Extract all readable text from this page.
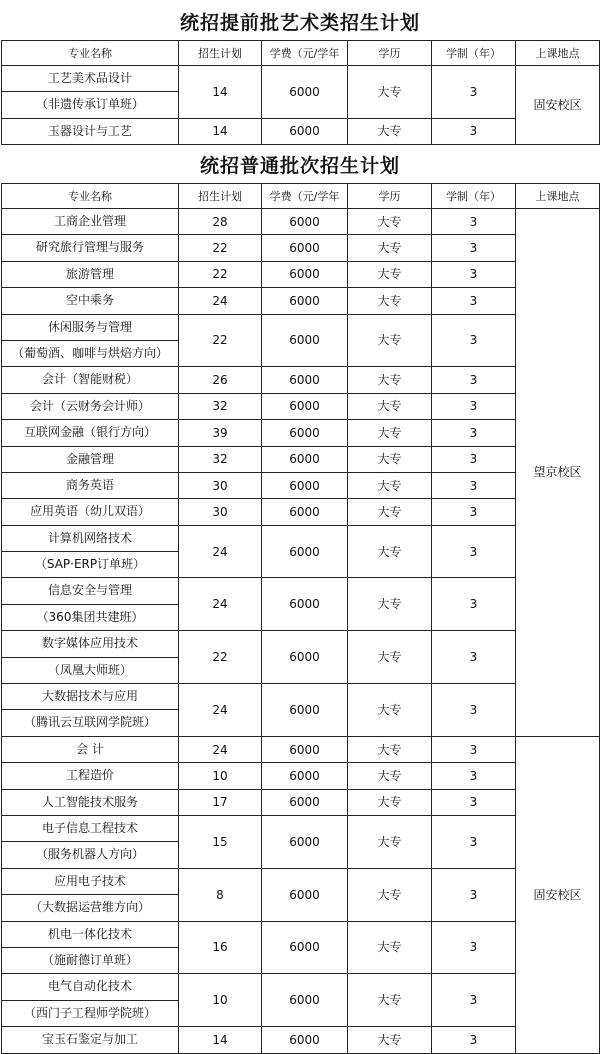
统招提前批艺术类招生计划
专业名称	招生计划	学费（元/学年	学历	学制（年）	上课地点

工艺美术品设计
（非遗传承订单班）	14	6000	大专	3	固安校区

玉器设计与工艺	14	6000	大专	3	
统招普通批次招生计划
专业名称	招生计划	学费（元/学年	学历	学制（年）	上课地点

工商企业管理	28	6000	大专	3	望京校区

研究旅行管理与服务	22	6000	大专	3	

旅游管理	22	6000	大专	3	

空中乘务	24	6000	大专	3	

休闲服务与管理
（葡萄酒、咖啡与烘焙方向）	22	6000	大专	3	

会计（智能财税）	26	6000	大专	3	

会计（云财务会计师）	32	6000	大专	3	

互联网金融（银行方向）	39	6000	大专	3	

金融管理	32	6000	大专	3	

商务英语	30	6000	大专	3	

应用英语（幼儿双语）	30	6000	大专	3	

计算机网络技术
（SAP·ERP订单班）	24	6000	大专	3	

信息安全与管理
（360集团共建班）	24	6000	大专	3	

数字媒体应用技术
（凤凰大师班）	22	6000	大专	3	

大数据技术与应用
（腾讯云互联网学院班）	24	6000	大专	3	

会 计	24	6000	大专	3	固安校区

工程造价	10	6000	大专	3	

人工智能技术服务	17	6000	大专	3	

电子信息工程技术
（服务机器人方向）	15	6000	大专	3	

应用电子技术
（大数据运营维方向）	8	6000	大专	3	

机电一体化技术
（施耐德订单班）	16	6000	大专	3	

电气自动化技术
（西门子工程师学院班）	10	6000	大专	3	

宝玉石鉴定与加工	14	6000	大专	3	
